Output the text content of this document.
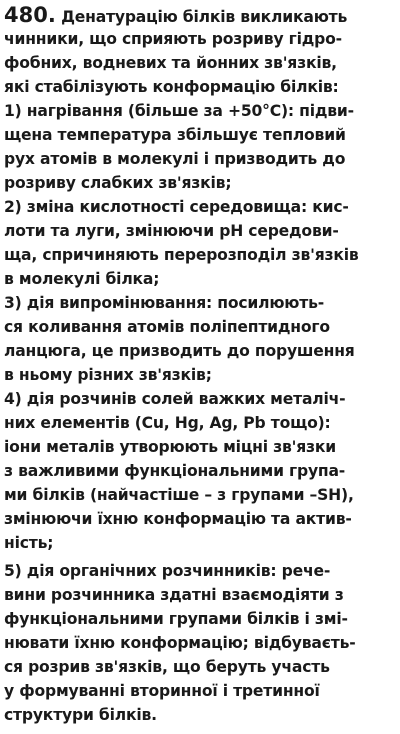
480. Денатурацію білків викликають
чинники, що сприяють розриву гідро-
фобних, водневих та йонних зв'язків,
які стабілізують конформацію білків:
1) нагрівання (більше за +50°С): підви-
щена температура збільшує тепловий
рух атомів в молекулі і призводить до
розриву слабких зв'язків;
2) зміна кислотності середовища: кис-
лоти та луги, змінюючи pH середови-
ща, спричиняють перерозподіл зв'язків
в молекулі білка;
3) дія випромінювання: посилюють-
ся коливання атомів поліпептидного
ланцюга, це призводить до порушення
в ньому різних зв'язків;
4) дія розчинів солей важких металіч-
них елементів (Cu, Hg, Ag, Pb тощо):
іони металів утворюють міцні зв'язки
з важливими функціональними група-
ми білків (найчастіше – з групами –SH),
змінюючи їхню конформацію та актив-
ність;
5) дія органічних розчинників: рече-
вини розчинника здатні взаємодіяти з
функціональними групами білків і змі-
нювати їхню конформацію; відбуваєть-
ся розрив зв'язків, що беруть участь
у формуванні вторинної і третинної
структури білків.
